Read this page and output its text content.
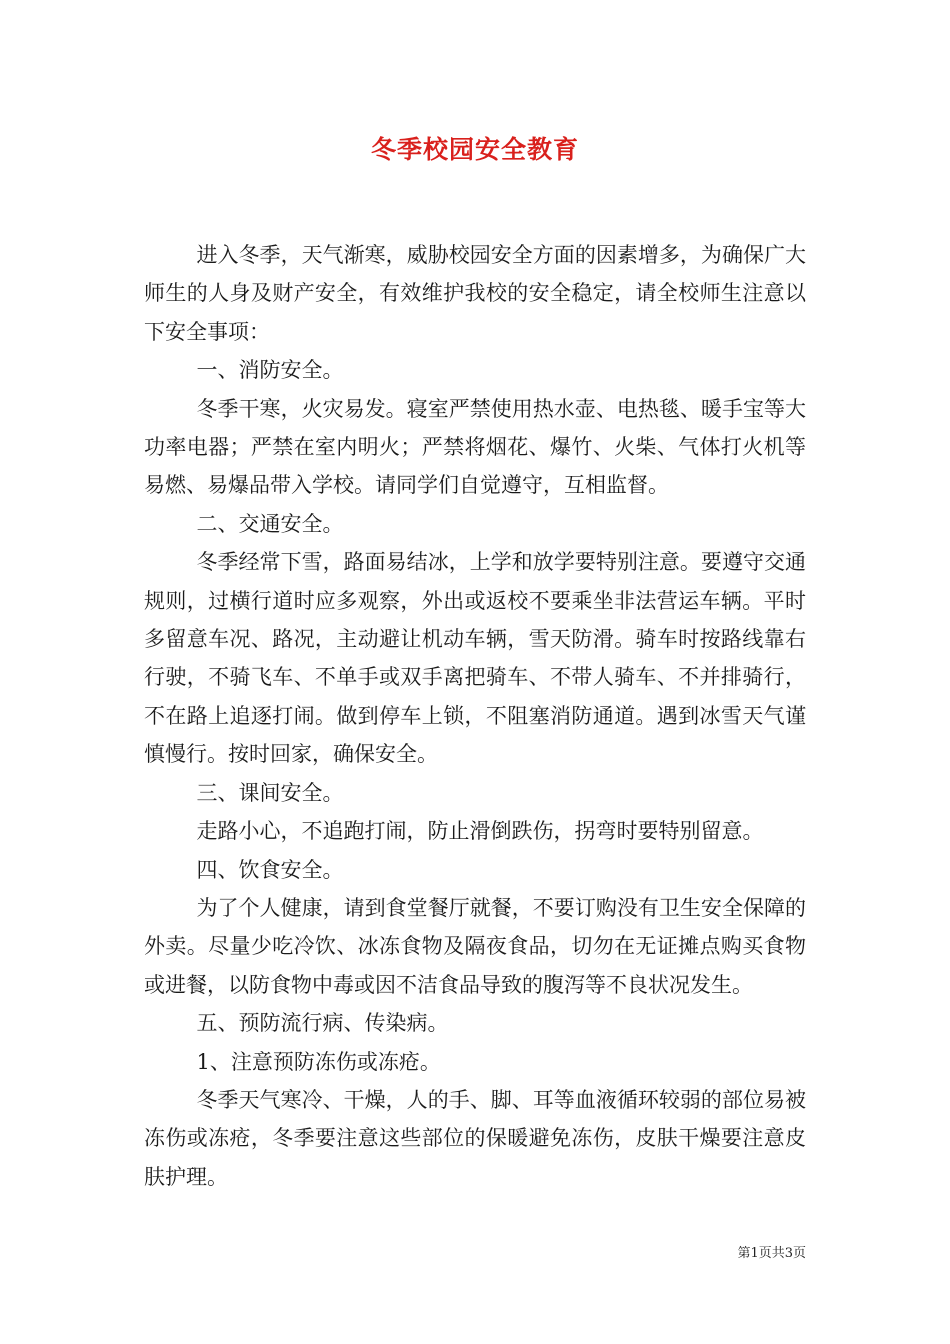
冬季校园安全教育

进入冬季，天气渐寒，威胁校园安全方面的因素增多，为确保广大师生的人身及财产安全，有效维护我校的安全稳定，请全校师生注意以下安全事项：

一、消防安全。

冬季干寒，火灾易发。寝室严禁使用热水壶、电热毯、暖手宝等大功率电器；严禁在室内明火；严禁将烟花、爆竹、火柴、气体打火机等易燃、易爆品带入学校。请同学们自觉遵守，互相监督。

二、交通安全。

冬季经常下雪，路面易结冰，上学和放学要特别注意。要遵守交通规则，过横行道时应多观察，外出或返校不要乘坐非法营运车辆。平时多留意车况、路况，主动避让机动车辆，雪天防滑。骑车时按路线靠右行驶，不骑飞车、不单手或双手离把骑车、不带人骑车、不并排骑行，不在路上追逐打闹。做到停车上锁，不阻塞消防通道。遇到冰雪天气谨慎慢行。按时回家，确保安全。

三、课间安全。

走路小心，不追跑打闹，防止滑倒跌伤，拐弯时要特别留意。

四、饮食安全。

为了个人健康，请到食堂餐厅就餐，不要订购没有卫生安全保障的外卖。尽量少吃冷饮、冰冻食物及隔夜食品，切勿在无证摊点购买食物或进餐，以防食物中毒或因不洁食品导致的腹泻等不良状况发生。

五、预防流行病、传染病。

1、注意预防冻伤或冻疮。

冬季天气寒冷、干燥，人的手、脚、耳等血液循环较弱的部位易被冻伤或冻疮，冬季要注意这些部位的保暖避免冻伤，皮肤干燥要注意皮肤护理。

第1页共3页
